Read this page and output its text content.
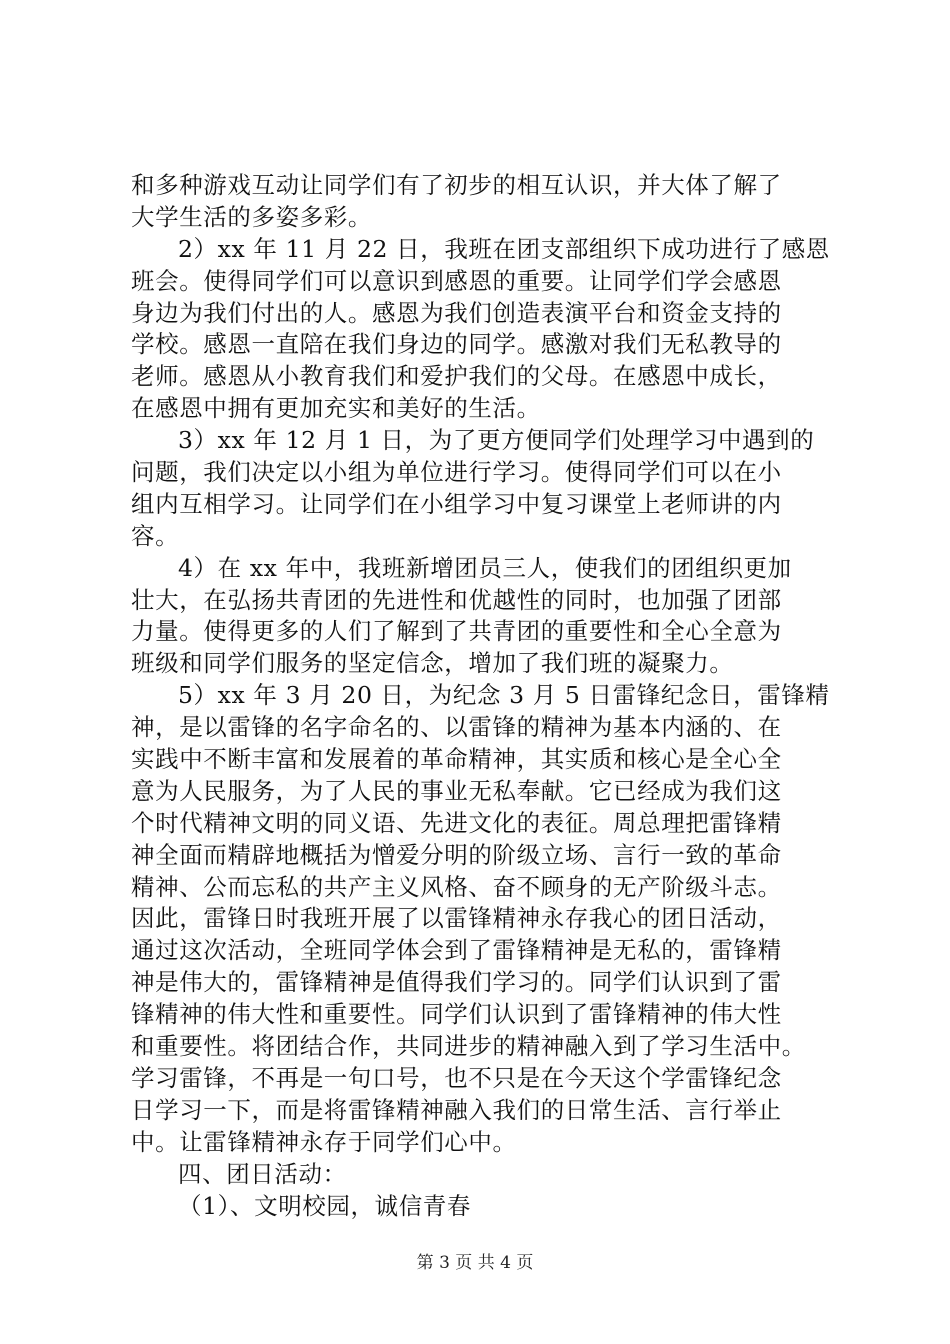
和多种游戏互动让同学们有了初步的相互认识，并大体了解了
大学生活的多姿多彩。
2）xx 年 11 月 22 日，我班在团支部组织下成功进行了感恩
班会。使得同学们可以意识到感恩的重要。让同学们学会感恩
身边为我们付出的人。感恩为我们创造表演平台和资金支持的
学校。感恩一直陪在我们身边的同学。感激对我们无私教导的
老师。感恩从小教育我们和爱护我们的父母。在感恩中成长，
在感恩中拥有更加充实和美好的生活。
3）xx 年 12 月 1 日，为了更方便同学们处理学习中遇到的
问题，我们决定以小组为单位进行学习。使得同学们可以在小
组内互相学习。让同学们在小组学习中复习课堂上老师讲的内
容。
4）在 xx 年中，我班新增团员三人，使我们的团组织更加
壮大，在弘扬共青团的先进性和优越性的同时，也加强了团部
力量。使得更多的人们了解到了共青团的重要性和全心全意为
班级和同学们服务的坚定信念，增加了我们班的凝聚力。
5）xx 年 3 月 20 日，为纪念 3 月 5 日雷锋纪念日，雷锋精
神，是以雷锋的名字命名的、以雷锋的精神为基本内涵的、在
实践中不断丰富和发展着的革命精神，其实质和核心是全心全
意为人民服务，为了人民的事业无私奉献。它已经成为我们这
个时代精神文明的同义语、先进文化的表征。周总理把雷锋精
神全面而精辟地概括为憎爱分明的阶级立场、言行一致的革命
精神、公而忘私的共产主义风格、奋不顾身的无产阶级斗志。
因此，雷锋日时我班开展了以雷锋精神永存我心的团日活动，
通过这次活动，全班同学体会到了雷锋精神是无私的，雷锋精
神是伟大的，雷锋精神是值得我们学习的。同学们认识到了雷
锋精神的伟大性和重要性。同学们认识到了雷锋精神的伟大性
和重要性。将团结合作，共同进步的精神融入到了学习生活中。
学习雷锋，不再是一句口号，也不只是在今天这个学雷锋纪念
日学习一下，而是将雷锋精神融入我们的日常生活、言行举止
中。让雷锋精神永存于同学们心中。
四、团日活动：
（1）、文明校园，诚信青春
第 3 页 共 4 页
